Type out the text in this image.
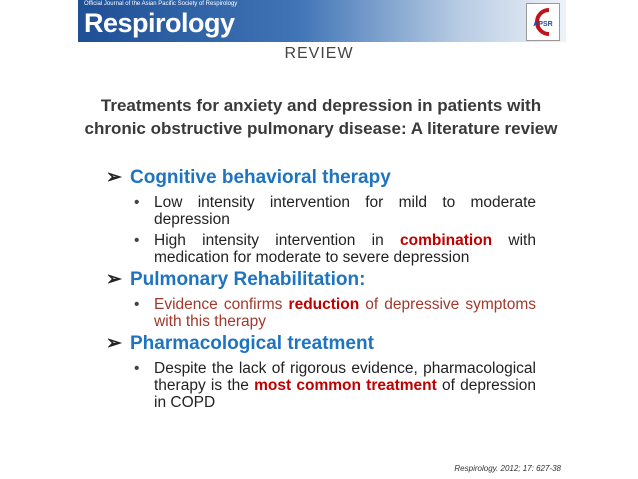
Official Journal of the Asian Pacific Society of Respirology
Respirology	APSR
REVIEW
Treatments for anxiety and depression in patients with chronic obstructive pulmonary disease: A literature review
➢ Cognitive behavioral therapy
• Low intensity intervention for mild to moderate depression
• High intensity intervention in combination with medication for moderate to severe depression
➢ Pulmonary Rehabilitation:
• Evidence confirms reduction of depressive symptoms with this therapy
➢ Pharmacological treatment
• Despite the lack of rigorous evidence, pharmacological therapy is the most common treatment of depression in COPD
Respirology. 2012; 17: 627-38
